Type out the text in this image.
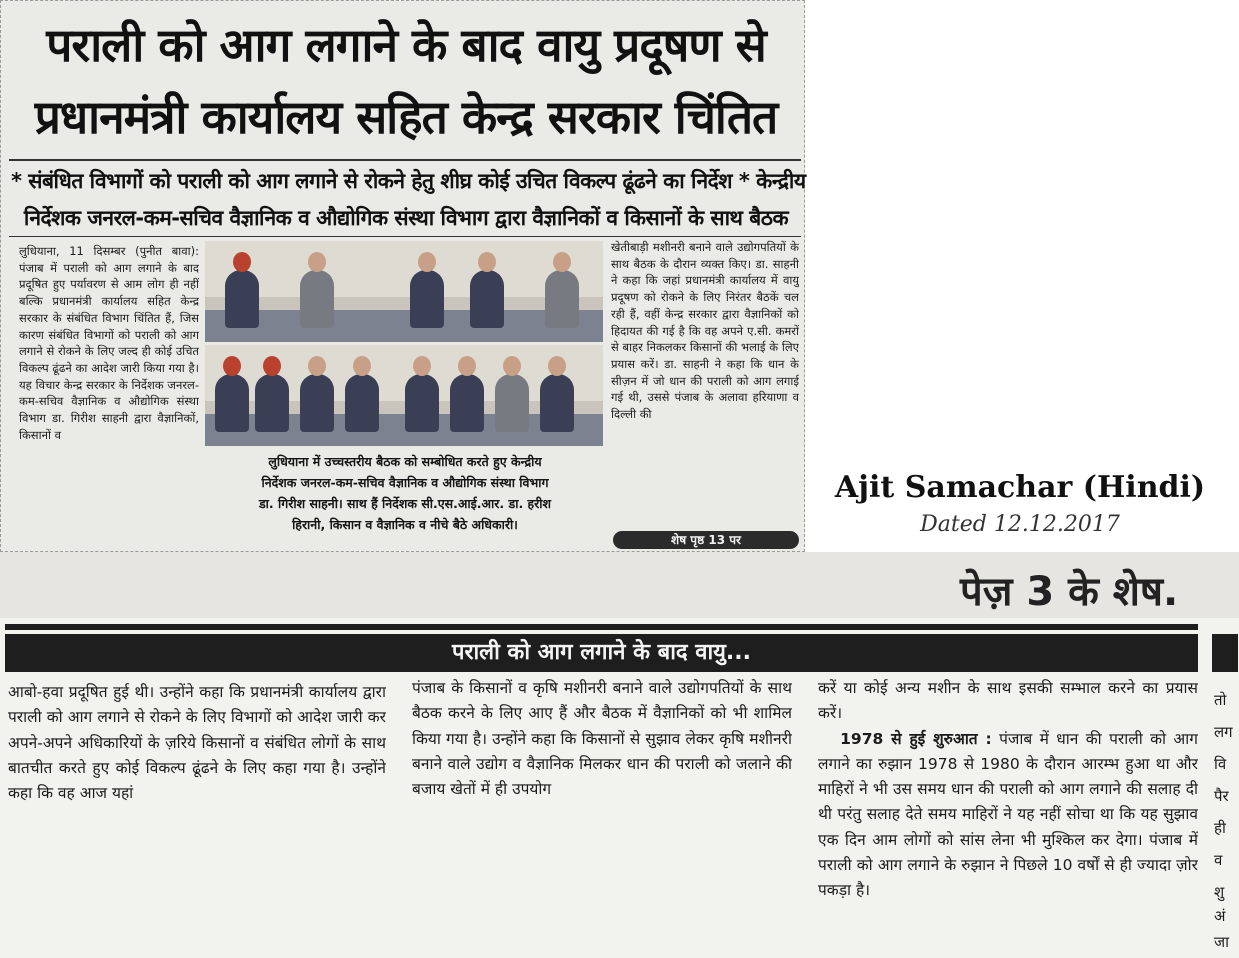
पराली को आग लगाने के बाद वायु प्रदूषण से
प्रधानमंत्री कार्यालय सहित केन्द्र सरकार चिंतित
* संबंधित विभागों को पराली को आग लगाने से रोकने हेतु शीघ्र कोई उचित विकल्प ढूंढने का निर्देश * केन्द्रीय
निर्देशक जनरल-कम-सचिव वैज्ञानिक व औद्योगिक संस्था विभाग द्वारा वैज्ञानिकों व किसानों के साथ बैठक

लुधियाना, 11 दिसम्बर (पुनीत बावा): पंजाब में पराली को आग लगाने के बाद प्रदूषित हुए पर्यावरण से आम लोग ही नहीं बल्कि प्रधानमंत्री कार्यालय सहित केन्द्र सरकार के संबंधित विभाग चिंतित हैं, जिस कारण संबंधित विभागों को पराली को आग लगाने से रोकने के लिए जल्द ही कोई उचित विकल्प ढूंढने का आदेश जारी किया गया है। यह विचार केन्द्र सरकार के निर्देशक जनरल-कम-सचिव वैज्ञानिक व औद्योगिक संस्था विभाग डा. गिरीश साहनी द्वारा वैज्ञानिकों, किसानों व

लुधियाना में उच्चस्तरीय बैठक को सम्बोधित करते हुए केन्द्रीय
निर्देशक जनरल-कम-सचिव वैज्ञानिक व औद्योगिक संस्था विभाग
डा. गिरीश साहनी। साथ हैं निर्देशक सी.एस.आई.आर. डा. हरीश
हिरानी, किसान व वैज्ञानिक व नीचे बैठे अधिकारी।

खेतीबाड़ी मशीनरी बनाने वाले उद्योगपतियों के साथ बैठक के दौरान व्यक्त किए। डा. साहनी ने कहा कि जहां प्रधानमंत्री कार्यालय में वायु प्रदूषण को रोकने के लिए निरंतर बैठकें चल रही हैं, वहीं केन्द्र सरकार द्वारा वैज्ञानिकों को हिदायत की गई है कि वह अपने ए.सी. कमरों से बाहर निकलकर किसानों की भलाई के लिए प्रयास करें। डा. साहनी ने कहा कि धान के सीज़न में जो धान की पराली को आग लगाई गई थी, उससे पंजाब के अलावा हरियाणा व दिल्ली की

शेष पृष्ठ 13 पर
Ajit Samachar (Hindi)
Dated 12.12.2017
पेज़ 3 के शेष.
पराली को आग लगाने के बाद वायु...

आबो-हवा प्रदूषित हुई थी। उन्होंने कहा कि प्रधानमंत्री कार्यालय द्वारा पराली को आग लगाने से रोकने के लिए विभागों को आदेश जारी कर अपने-अपने अधिकारियों के ज़रिये किसानों व संबंधित लोगों के साथ बातचीत करते हुए कोई विकल्प ढूंढने के लिए कहा गया है। उन्होंने कहा कि वह आज यहां

पंजाब के किसानों व कृषि मशीनरी बनाने वाले उद्योगपतियों के साथ बैठक करने के लिए आए हैं और बैठक में वैज्ञानिकों को भी शामिल किया गया है। उन्होंने कहा कि किसानों से सुझाव लेकर कृषि मशीनरी बनाने वाले उद्योग व वैज्ञानिक मिलकर धान की पराली को जलाने की बजाय खेतों में ही उपयोग

करें या कोई अन्य मशीन के साथ इसकी सम्भाल करने का प्रयास करें।

1978 से हुई शुरुआत : पंजाब में धान की पराली को आग लगाने का रुझान 1978 से 1980 के दौरान आरम्भ हुआ था और माहिरों ने भी उस समय धान की पराली को आग लगाने की सलाह दी थी परंतु सलाह देते समय माहिरों ने यह नहीं सोचा था कि यह सुझाव एक दिन आम लोगों को सांस लेना भी मुश्किल कर देगा। पंजाब में पराली को आग लगाने के रुझान ने पिछले 10 वर्षों से ही ज्यादा ज़ोर पकड़ा है।

तो
लग
वि
पैर
ही
व
शु
अं
जा
